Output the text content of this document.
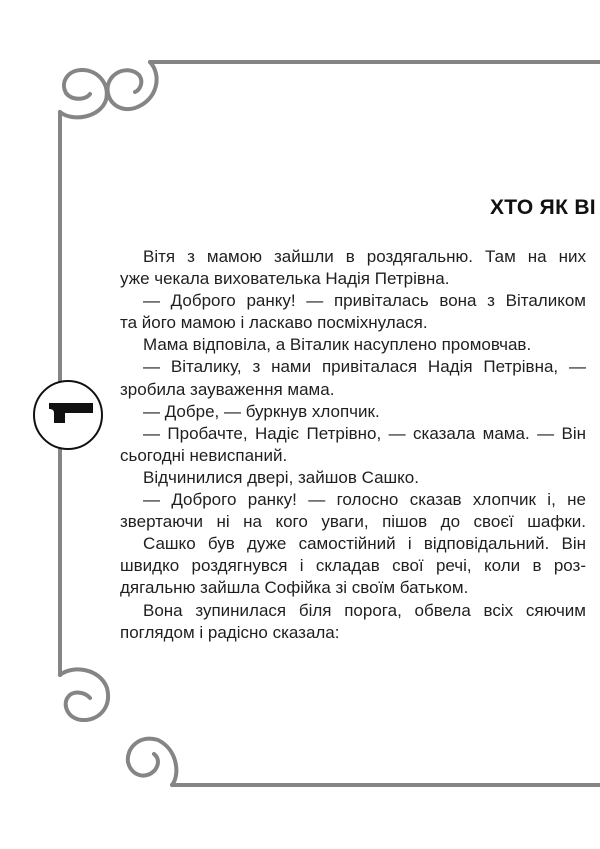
ХТО ЯК ВІ
Вітя з мамою зайшли в роздягальню. Там на них
уже чекала вихователька Надія Петрівна.
— Доброго ранку! — привіталась вона з Віталиком
та його мамою і ласкаво посміхнулася.
Мама відповіла, а Віталик насуплено промовчав.
— Віталику, з нами привіталася Надія Петрівна, —
зробила зауваження мама.
— Добре, — буркнув хлопчик.
— Пробачте, Надіє Петрівно, — сказала мама. — Він
сьогодні невиспаний.
Відчинилися двері, зайшов Сашко.
— Доброго ранку! — голосно сказав хлопчик і, не
звертаючи ні на кого уваги, пішов до своєї шафки.
Сашко був дуже самостійний і відповідальний. Він
швидко роздягнувся і складав свої речі, коли в роз-
дягальню зайшла Софійка зі своїм батьком.
Вона зупинилася біля порога, обвела всіх сяючим
поглядом і радісно сказала:
